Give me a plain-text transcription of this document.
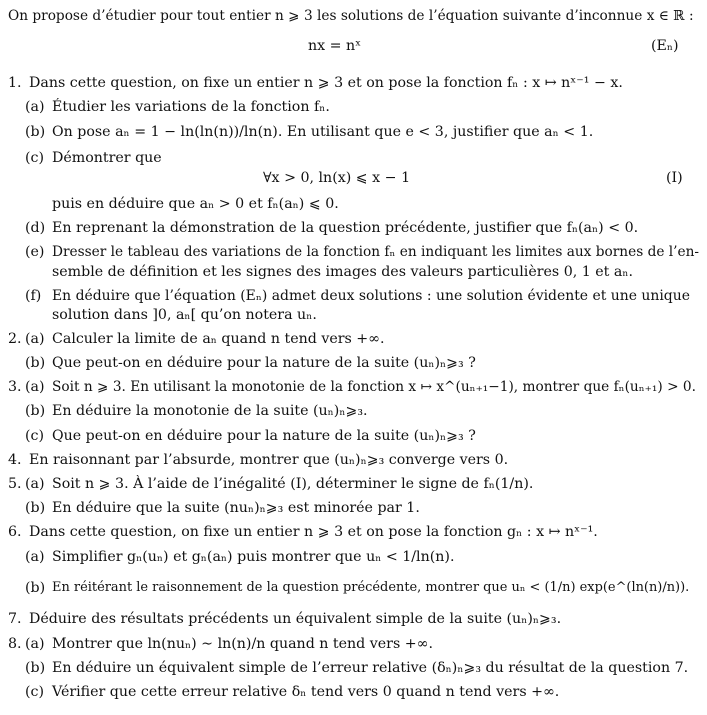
On propose d’étudier pour tout entier n ⩾ 3 les solutions de l’équation suivante d’inconnue x ∈ ℝ :
nx = nˣ	(Eₙ)
1. Dans cette question, on fixe un entier n ⩾ 3 et on pose la fonction fₙ : x ↦ nˣ⁻¹ − x.
(a) Étudier les variations de la fonction fₙ.
(b) On pose aₙ = 1 − ln(ln(n))/ln(n). En utilisant que e < 3, justifier que aₙ < 1.
(c) Démontrer que
∀x > 0, ln(x) ⩽ x − 1	(I)
puis en déduire que aₙ > 0 et fₙ(aₙ) ⩽ 0.
(d) En reprenant la démonstration de la question précédente, justifier que fₙ(aₙ) < 0.
(e) Dresser le tableau des variations de la fonction fₙ en indiquant les limites aux bornes de l’en-
semble de définition et les signes des images des valeurs particulières 0, 1 et aₙ.
(f) En déduire que l’équation (Eₙ) admet deux solutions : une solution évidente et une unique
solution dans ]0, aₙ[ qu’on notera uₙ.
2. (a) Calculer la limite de aₙ quand n tend vers +∞.
(b) Que peut-on en déduire pour la nature de la suite (uₙ)ₙ⩾₃ ?
3. (a) Soit n ⩾ 3. En utilisant la monotonie de la fonction x ↦ x^(uₙ₊₁−1), montrer que fₙ(uₙ₊₁) > 0.
(b) En déduire la monotonie de la suite (uₙ)ₙ⩾₃.
(c) Que peut-on en déduire pour la nature de la suite (uₙ)ₙ⩾₃ ?
4. En raisonnant par l’absurde, montrer que (uₙ)ₙ⩾₃ converge vers 0.
5. (a) Soit n ⩾ 3. À l’aide de l’inégalité (I), déterminer le signe de fₙ(1/n).
(b) En déduire que la suite (nuₙ)ₙ⩾₃ est minorée par 1.
6. Dans cette question, on fixe un entier n ⩾ 3 et on pose la fonction gₙ : x ↦ nˣ⁻¹.
(a) Simplifier gₙ(uₙ) et gₙ(aₙ) puis montrer que uₙ < 1/ln(n).
(b) En réitérant le raisonnement de la question précédente, montrer que uₙ < (1/n) exp(e^(ln(n)/n)).
7. Déduire des résultats précédents un équivalent simple de la suite (uₙ)ₙ⩾₃.
8. (a) Montrer que ln(nuₙ) ∼ ln(n)/n quand n tend vers +∞.
(b) En déduire un équivalent simple de l’erreur relative (δₙ)ₙ⩾₃ du résultat de la question 7.
(c) Vérifier que cette erreur relative δₙ tend vers 0 quand n tend vers +∞.
